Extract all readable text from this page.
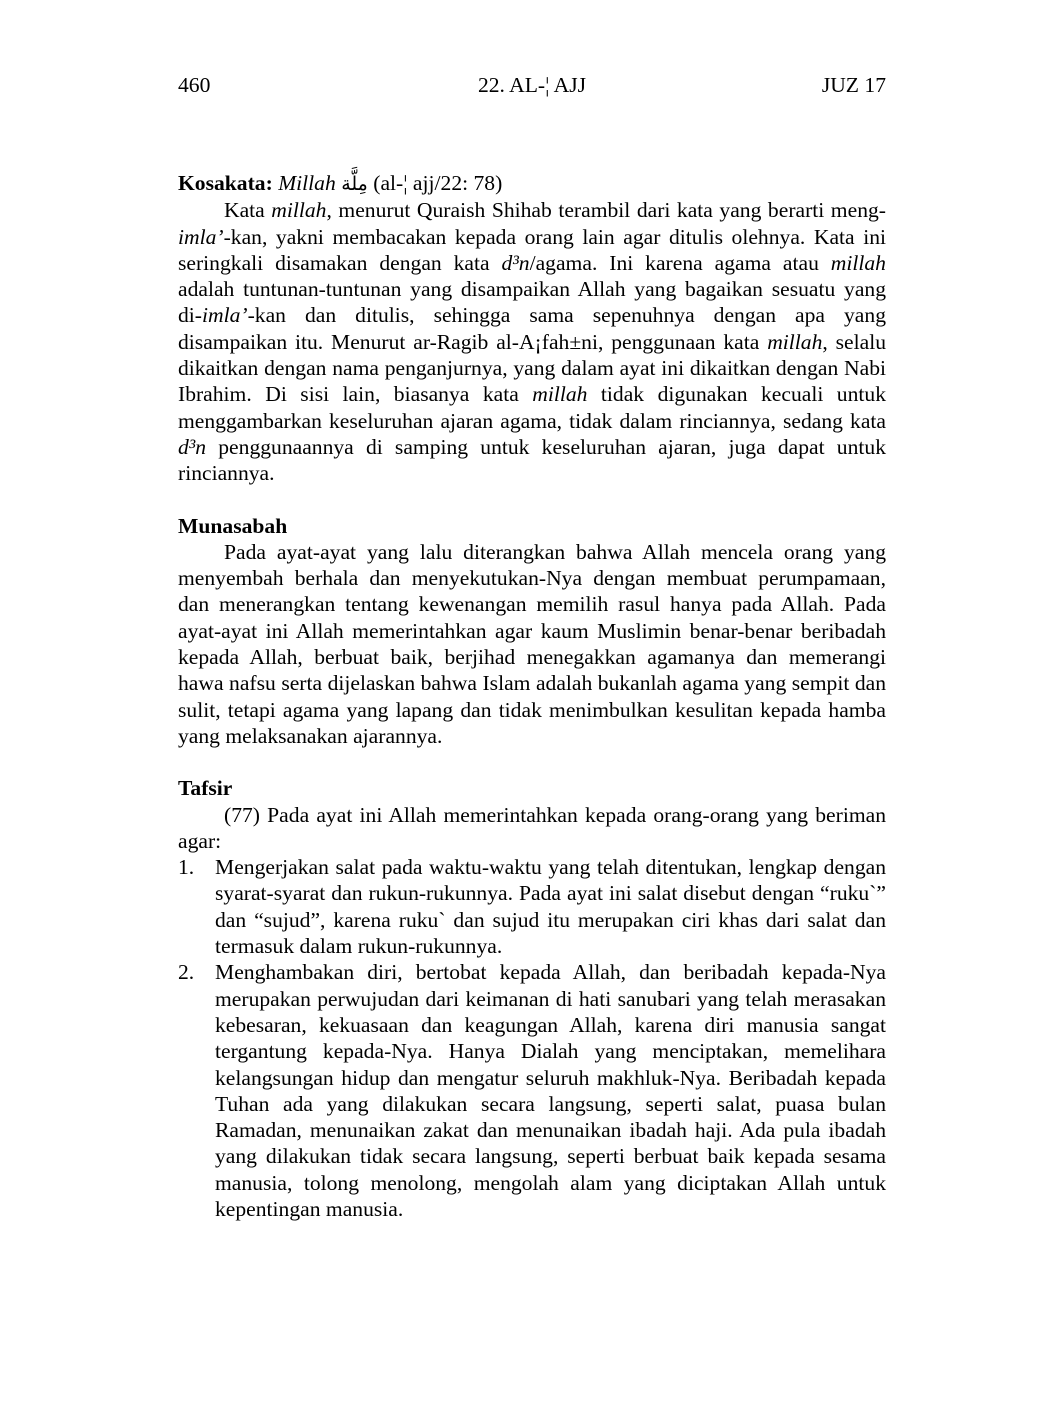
460	22. AL-¦ AJJ	JUZ 17
Kosakata: Millah مِلَّة (al-¦ ajj/22: 78)

Kata millah, menurut Quraish Shihab terambil dari kata yang berarti meng-imla’-kan, yakni membacakan kepada orang lain agar ditulis olehnya. Kata ini seringkali disamakan dengan kata d³n/agama. Ini karena agama atau millah adalah tuntunan-tuntunan yang disampaikan Allah yang bagaikan sesuatu yang di-imla’-kan dan ditulis, sehingga sama sepenuhnya dengan apa yang disampaikan itu. Menurut ar-Ragib al-A¡fah±ni, penggunaan kata millah, selalu dikaitkan dengan nama penganjurnya, yang dalam ayat ini dikaitkan dengan Nabi Ibrahim. Di sisi lain, biasanya kata millah tidak digunakan kecuali untuk menggambarkan keseluruhan ajaran agama, tidak dalam rinciannya, sedang kata d³n penggunaannya di samping untuk keseluruhan ajaran, juga dapat untuk rinciannya.

Munasabah

Pada ayat-ayat yang lalu diterangkan bahwa Allah mencela orang yang menyembah berhala dan menyekutukan-Nya dengan membuat perumpamaan, dan menerangkan tentang kewenangan memilih rasul hanya pada Allah. Pada ayat-ayat ini Allah memerintahkan agar kaum Muslimin benar-benar beribadah kepada Allah, berbuat baik, berjihad menegakkan agamanya dan memerangi hawa nafsu serta dijelaskan bahwa Islam adalah bukanlah agama yang sempit dan sulit, tetapi agama yang lapang dan tidak menimbulkan kesulitan kepada hamba yang melaksanakan ajarannya.

Tafsir

(77) Pada ayat ini Allah memerintahkan kepada orang-orang yang beriman agar:

1. Mengerjakan salat pada waktu-waktu yang telah ditentukan, lengkap dengan syarat-syarat dan rukun-rukunnya. Pada ayat ini salat disebut dengan “ruku`” dan “sujud”, karena ruku` dan sujud itu merupakan ciri khas dari salat dan termasuk dalam rukun-rukunnya.
2. Menghambakan diri, bertobat kepada Allah, dan beribadah kepada-Nya merupakan perwujudan dari keimanan di hati sanubari yang telah merasakan kebesaran, kekuasaan dan keagungan Allah, karena diri manusia sangat tergantung kepada-Nya. Hanya Dialah yang menciptakan, memelihara kelangsungan hidup dan mengatur seluruh makhluk-Nya. Beribadah kepada Tuhan ada yang dilakukan secara langsung, seperti salat, puasa bulan Ramadan, menunaikan zakat dan menunaikan ibadah haji. Ada pula ibadah yang dilakukan tidak secara langsung, seperti berbuat baik kepada sesama manusia, tolong menolong, mengolah alam yang diciptakan Allah untuk kepentingan manusia.
